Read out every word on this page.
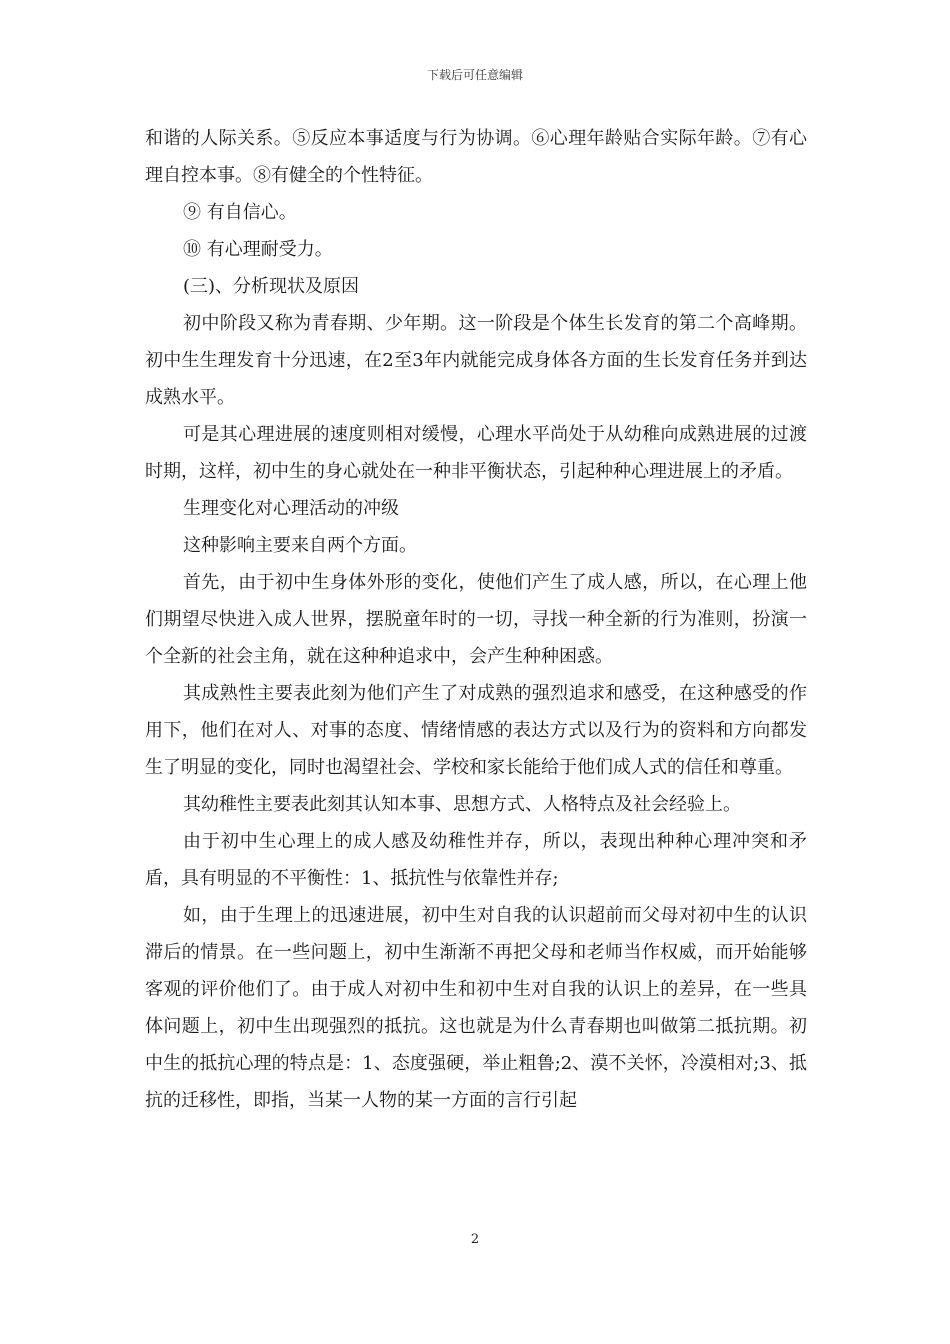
下载后可任意编辑

和谐的人际关系。⑤反应本事适度与行为协调。⑥心理年龄贴合实际年龄。⑦有心理自控本事。⑧有健全的个性特征。

⑨ 有自信心。

⑩ 有心理耐受力。

(三)、分析现状及原因

初中阶段又称为青春期、少年期。这一阶段是个体生长发育的第二个高峰期。初中生生理发育十分迅速，在2至3年内就能完成身体各方面的生长发育任务并到达成熟水平。

可是其心理进展的速度则相对缓慢，心理水平尚处于从幼稚向成熟进展的过渡时期，这样，初中生的身心就处在一种非平衡状态，引起种种心理进展上的矛盾。

生理变化对心理活动的冲级

这种影响主要来自两个方面。

首先，由于初中生身体外形的变化，使他们产生了成人感，所以，在心理上他们期望尽快进入成人世界，摆脱童年时的一切，寻找一种全新的行为准则，扮演一个全新的社会主角，就在这种种追求中，会产生种种困惑。

其成熟性主要表此刻为他们产生了对成熟的强烈追求和感受，在这种感受的作用下，他们在对人、对事的态度、情绪情感的表达方式以及行为的资料和方向都发生了明显的变化，同时也渴望社会、学校和家长能给于他们成人式的信任和尊重。

其幼稚性主要表此刻其认知本事、思想方式、人格特点及社会经验上。

由于初中生心理上的成人感及幼稚性并存，所以，表现出种种心理冲突和矛盾，具有明显的不平衡性：1、抵抗性与依靠性并存;

如，由于生理上的迅速进展，初中生对自我的认识超前而父母对初中生的认识滞后的情景。在一些问题上，初中生渐渐不再把父母和老师当作权威，而开始能够客观的评价他们了。由于成人对初中生和初中生对自我的认识上的差异，在一些具体问题上，初中生出现强烈的抵抗。这也就是为什么青春期也叫做第二抵抗期。初中生的抵抗心理的特点是：1、态度强硬，举止粗鲁;2、漠不关怀，冷漠相对;3、抵抗的迁移性，即指，当某一人物的某一方面的言行引起

2
